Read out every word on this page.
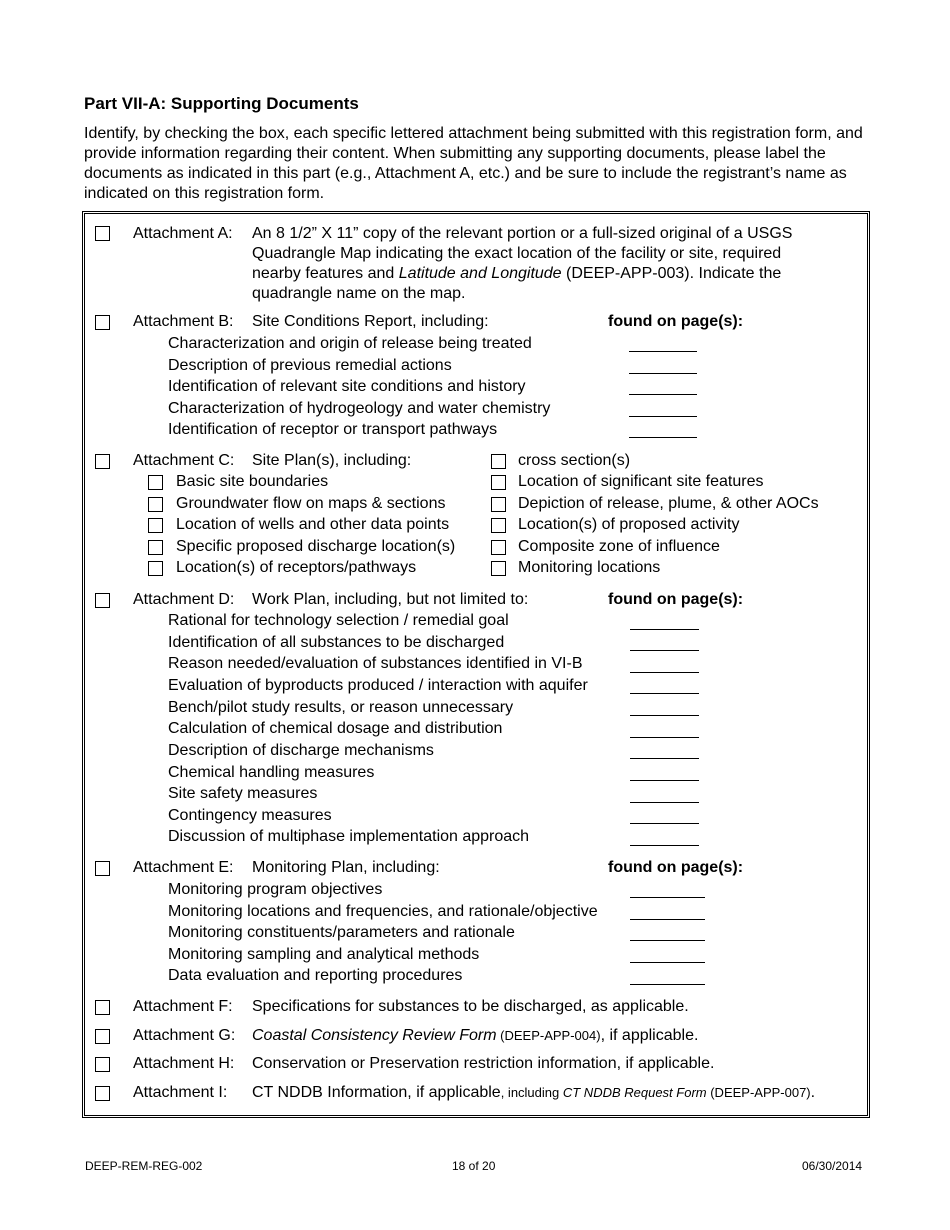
Part VII-A: Supporting Documents
Identify, by checking the box, each specific lettered attachment being submitted with this registration form, and provide information regarding their content. When submitting any supporting documents, please label the documents as indicated in this part (e.g., Attachment A, etc.) and be sure to include the registrant’s name as indicated on this registration form.
Attachment A: An 8 1/2” X 11” copy of the relevant portion or a full-sized original of a USGS
Quadrangle Map indicating the exact location of the facility or site, required
nearby features and Latitude and Longitude (DEEP-APP-003). Indicate the
quadrangle name on the map.
Attachment B: Site Conditions Report, including:	found on page(s):
Characterization and origin of release being treated
Description of previous remedial actions
Identification of relevant site conditions and history
Characterization of hydrogeology and water chemistry
Identification of receptor or transport pathways
Attachment C: Site Plan(s), including:
Basic site boundaries
Groundwater flow on maps & sections
Location of wells and other data points
Specific proposed discharge location(s)
Location(s) of receptors/pathways
cross section(s)
Location of significant site features
Depiction of release, plume, & other AOCs
Location(s) of proposed activity
Composite zone of influence
Monitoring locations
Attachment D: Work Plan, including, but not limited to:	found on page(s):
Rational for technology selection / remedial goal
Identification of all substances to be discharged
Reason needed/evaluation of substances identified in VI-B
Evaluation of byproducts produced / interaction with aquifer
Bench/pilot study results, or reason unnecessary
Calculation of chemical dosage and distribution
Description of discharge mechanisms
Chemical handling measures
Site safety measures
Contingency measures
Discussion of multiphase implementation approach
Attachment E: Monitoring Plan, including:	found on page(s):
Monitoring program objectives
Monitoring locations and frequencies, and rationale/objective
Monitoring constituents/parameters and rationale
Monitoring sampling and analytical methods
Data evaluation and reporting procedures
Attachment F: Specifications for substances to be discharged, as applicable.
Attachment G: Coastal Consistency Review Form (DEEP-APP-004), if applicable.
Attachment H: Conservation or Preservation restriction information, if applicable.
Attachment I: CT NDDB Information, if applicable, including CT NDDB Request Form (DEEP-APP-007).
DEEP-REM-REG-002	18 of 20	06/30/2014
